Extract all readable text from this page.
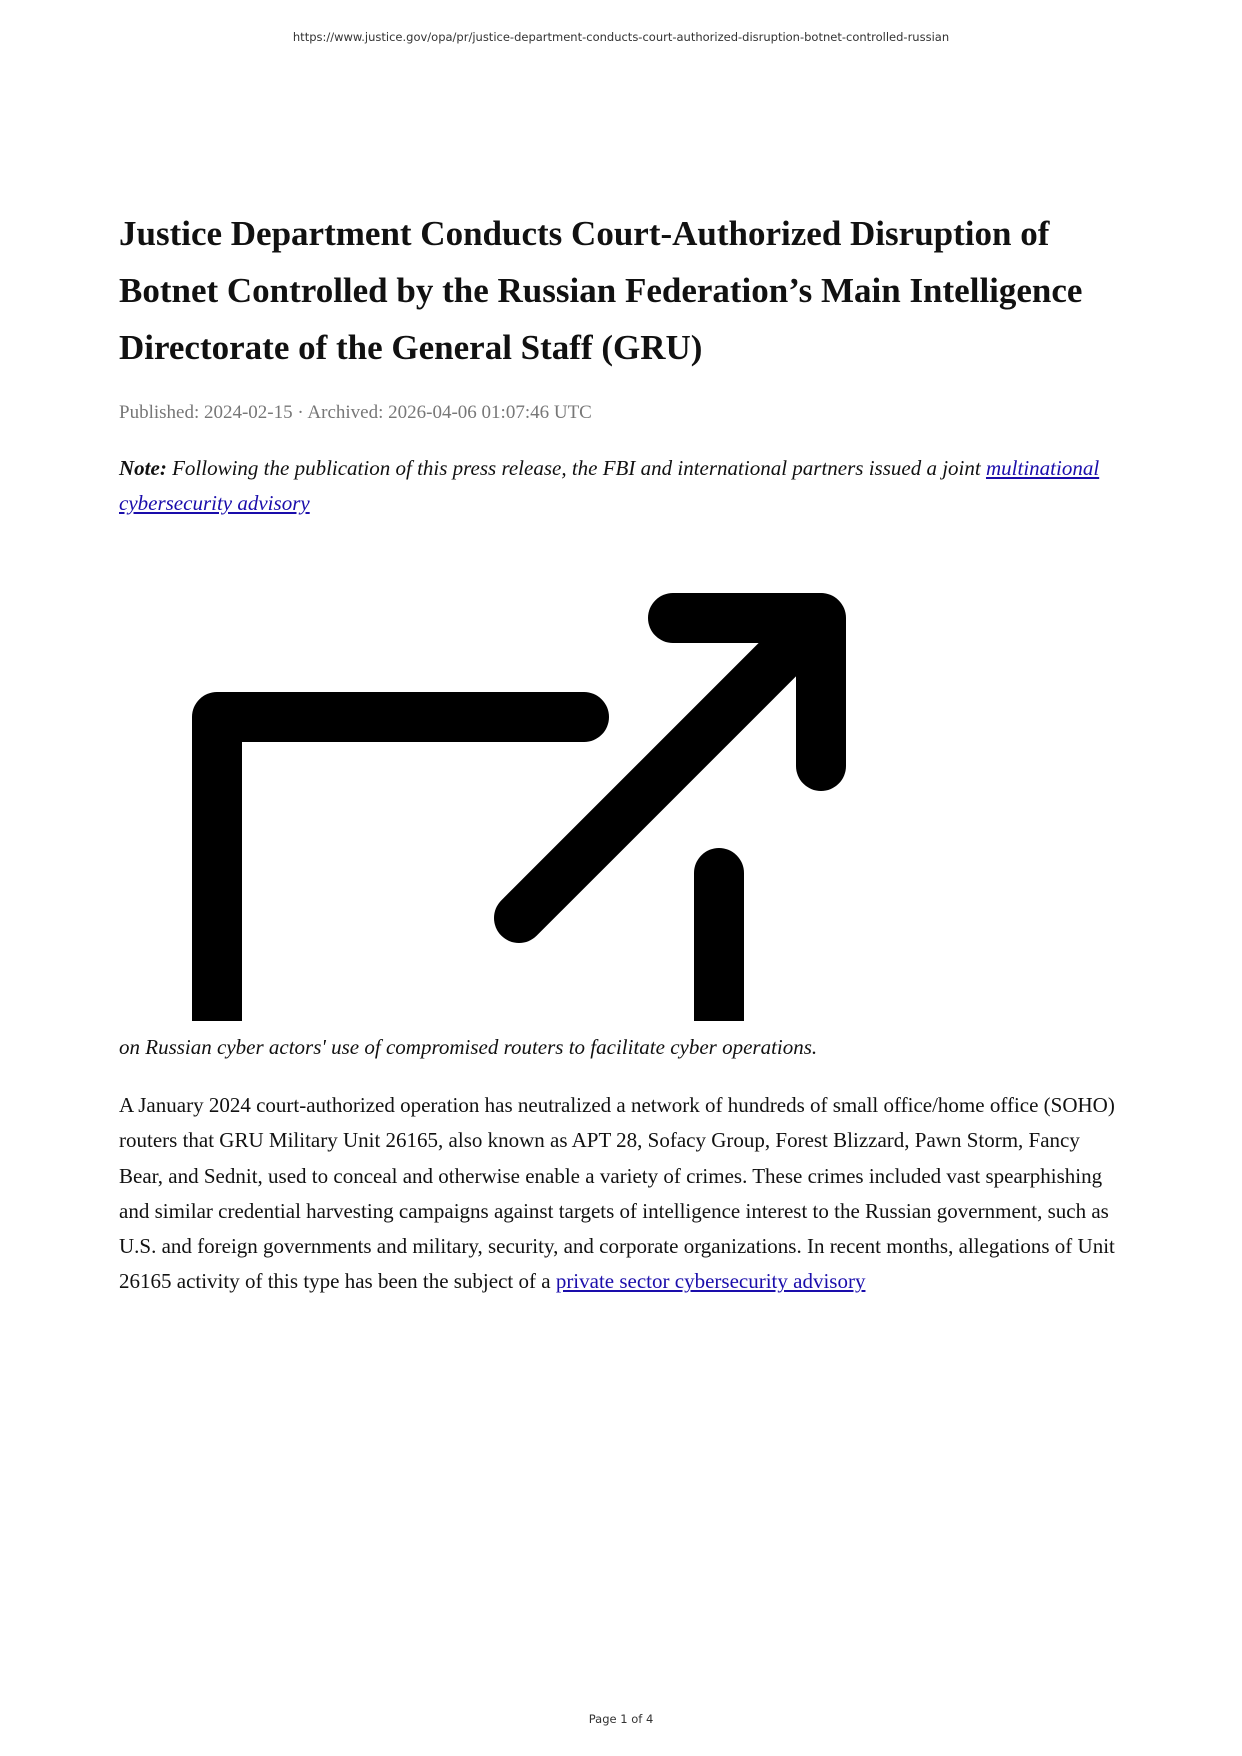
https://www.justice.gov/opa/pr/justice-department-conducts-court-authorized-disruption-botnet-controlled-russian
Justice Department Conducts Court-Authorized Disruption of Botnet Controlled by the Russian Federation’s Main Intelligence Directorate of the General Staff (GRU)
Published: 2024-02-15 · Archived: 2026-04-06 01:07:46 UTC
Note: Following the publication of this press release, the FBI and international partners issued a joint multinational cybersecurity advisory
on Russian cyber actors' use of compromised routers to facilitate cyber operations.

A January 2024 court-authorized operation has neutralized a network of hundreds of small office/home office (SOHO) routers that GRU Military Unit 26165, also known as APT 28, Sofacy Group, Forest Blizzard, Pawn Storm, Fancy Bear, and Sednit, used to conceal and otherwise enable a variety of crimes. These crimes included vast spearphishing and similar credential harvesting campaigns against targets of intelligence interest to the Russian government, such as U.S. and foreign governments and military, security, and corporate organizations. In recent months, allegations of Unit 26165 activity of this type has been the subject of a private sector cybersecurity advisory

Page 1 of 4
